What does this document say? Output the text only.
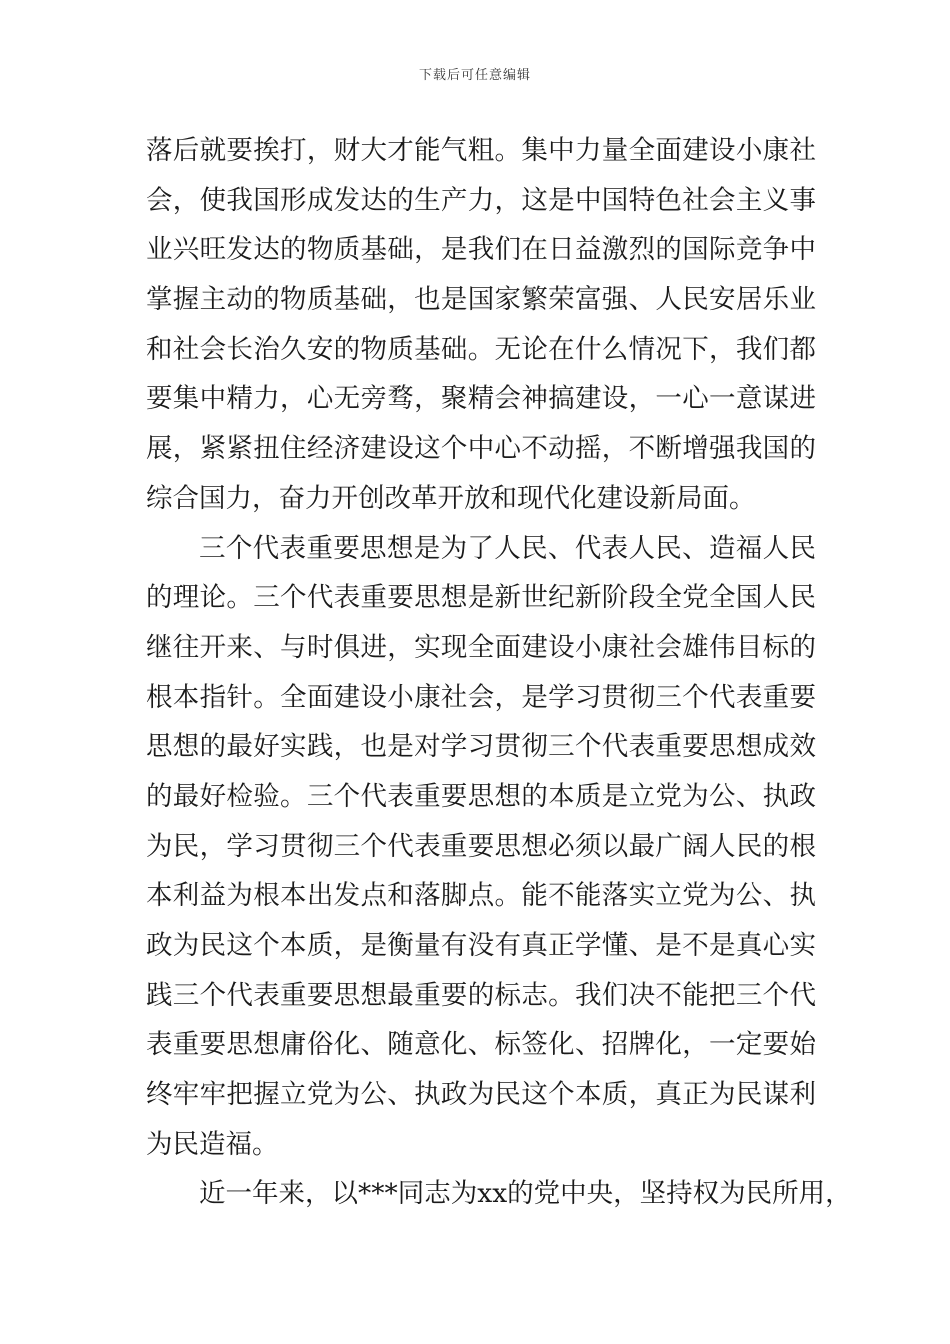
下载后可任意编辑
落后就要挨打，财大才能气粗。集中力量全面建设小康社
会，使我国形成发达的生产力，这是中国特色社会主义事
业兴旺发达的物质基础，是我们在日益激烈的国际竞争中
掌握主动的物质基础，也是国家繁荣富强、人民安居乐业
和社会长治久安的物质基础。无论在什么情况下，我们都
要集中精力，心无旁骛，聚精会神搞建设，一心一意谋进
展，紧紧扭住经济建设这个中心不动摇，不断增强我国的
综合国力，奋力开创改革开放和现代化建设新局面。
三个代表重要思想是为了人民、代表人民、造福人民
的理论。三个代表重要思想是新世纪新阶段全党全国人民
继往开来、与时俱进，实现全面建设小康社会雄伟目标的
根本指针。全面建设小康社会，是学习贯彻三个代表重要
思想的最好实践，也是对学习贯彻三个代表重要思想成效
的最好检验。三个代表重要思想的本质是立党为公、执政
为民，学习贯彻三个代表重要思想必须以最广阔人民的根
本利益为根本出发点和落脚点。能不能落实立党为公、执
政为民这个本质，是衡量有没有真正学懂、是不是真心实
践三个代表重要思想最重要的标志。我们决不能把三个代
表重要思想庸俗化、随意化、标签化、招牌化，一定要始
终牢牢把握立党为公、执政为民这个本质，真正为民谋利
为民造福。
近一年来，以***同志为xx的党中央，坚持权为民所用，
